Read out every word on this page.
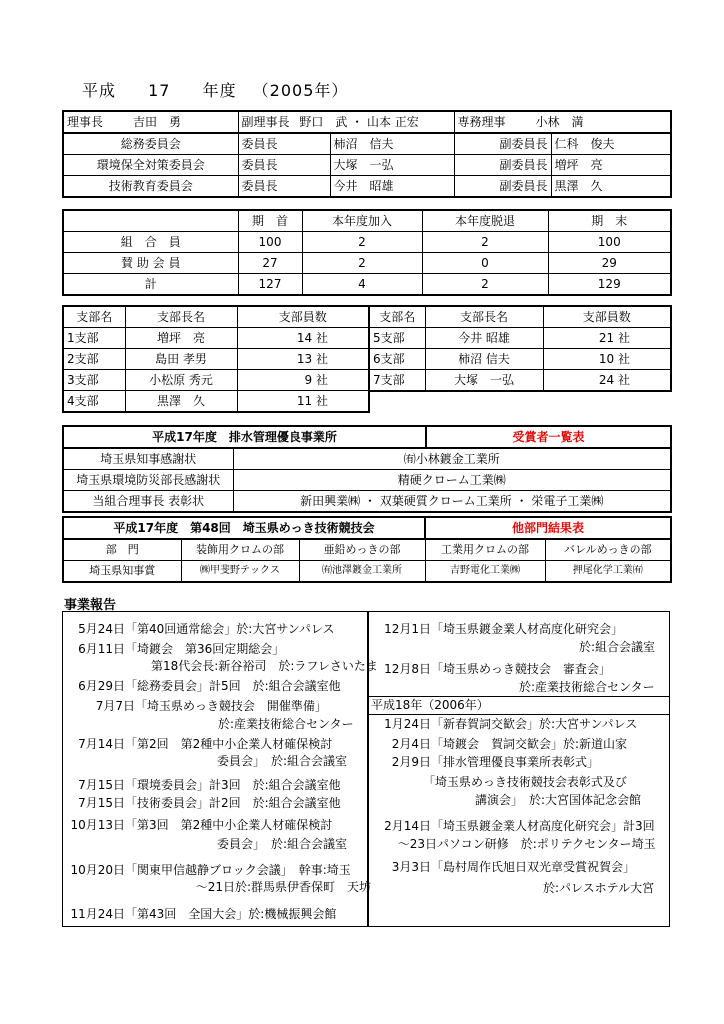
平成 17 年度 （2005年）
理事長 吉田　勇	副理事長 野口　武 ・ 山本 正宏		専務理事 小林　満	
総務委員会	委員長	柿沼　信夫	副委員長	仁科　俊夫
環境保全対策委員会	委員長	大塚　一弘	副委員長	増坪　亮
技術教育委員会	委員長	今井　昭雄	副委員長	黒澤　久
	期　首	本年度加入	本年度脱退	期　末
組　合　員	100	2	2	100
賛 助 会 員	27	2	0	29
計	127	4	2	129
支部名	支部長名	支部員数
1支部	増坪　亮	14 社
2支部	島田 孝男	13 社
3支部	小松原 秀元	9 社
4支部	黒澤　久	11 社
支部名	支部長名	支部員数
5支部	今井 昭雄	21 社
6支部	柿沼 信夫	10 社
7支部	大塚　一弘	24 社
平成17年度　排水管理優良事業所		受賞者一覧表
埼玉県知事感謝状	㈲小林鍍金工業所	
埼玉県環境防災部長感謝状	精硬クローム工業㈱	
当組合理事長 表彰状	新田興業㈱ ・ 双葉硬質クローム工業所 ・ 栄電子工業㈱	
平成17年度　第48回　埼玉県めっき技術競技会			他部門結果表	
部　門	装飾用クロムの部	亜鉛めっきの部	工業用クロムの部	バレルめっきの部
埼玉県知事賞	㈱甲斐野テックス	㈲池澤鍍金工業所	吉野電化工業㈱	押尾化学工業㈲
事業報告
5月24日「第40回通常総会」於:大宮サンパレス
6月11日「埼鍍会　第36回定期総会」
第18代会長:新谷裕司　於:ラフレさいたま
6月29日「総務委員会」計5回　於:組合会議室他
7月7日「埼玉県めっき競技会　開催準備」
於:産業技術総合センター
7月14日「第2回　第2種中小企業人材確保検討
委員会」　於:組合会議室
7月15日「環境委員会」計3回　於:組合会議室他
7月15日「技術委員会」計2回　於:組合会議室他
10月13日「第3回　第2種中小企業人材確保検討
委員会」　於:組合会議室
10月20日「関東甲信越静ブロック会議」　幹事:埼玉
～21日於:群馬県伊香保町　天坊
11月24日「第43回　全国大会」於:機械振興会館
12月1日「埼玉県鍍金業人材高度化研究会」
於:組合会議室
12月8日「埼玉県めっき競技会　審査会」
於:産業技術総合センター
平成18年（2006年）
1月24日「新春賀詞交歓会」於:大宮サンパレス
2月4日「埼鍍会　賀詞交歓会」於:新道山家
2月9日「排水管理優良事業所表彰式」
「埼玉県めっき技術競技会表彰式及び
講演会」　於:大宮国体記念会館
2月14日「埼玉県鍍金業人材高度化研究会」計3回
～23日パソコン研修　於:ポリテクセンター埼玉
3月3日「島村周作氏旭日双光章受賞祝賀会」
於:パレスホテル大宮
